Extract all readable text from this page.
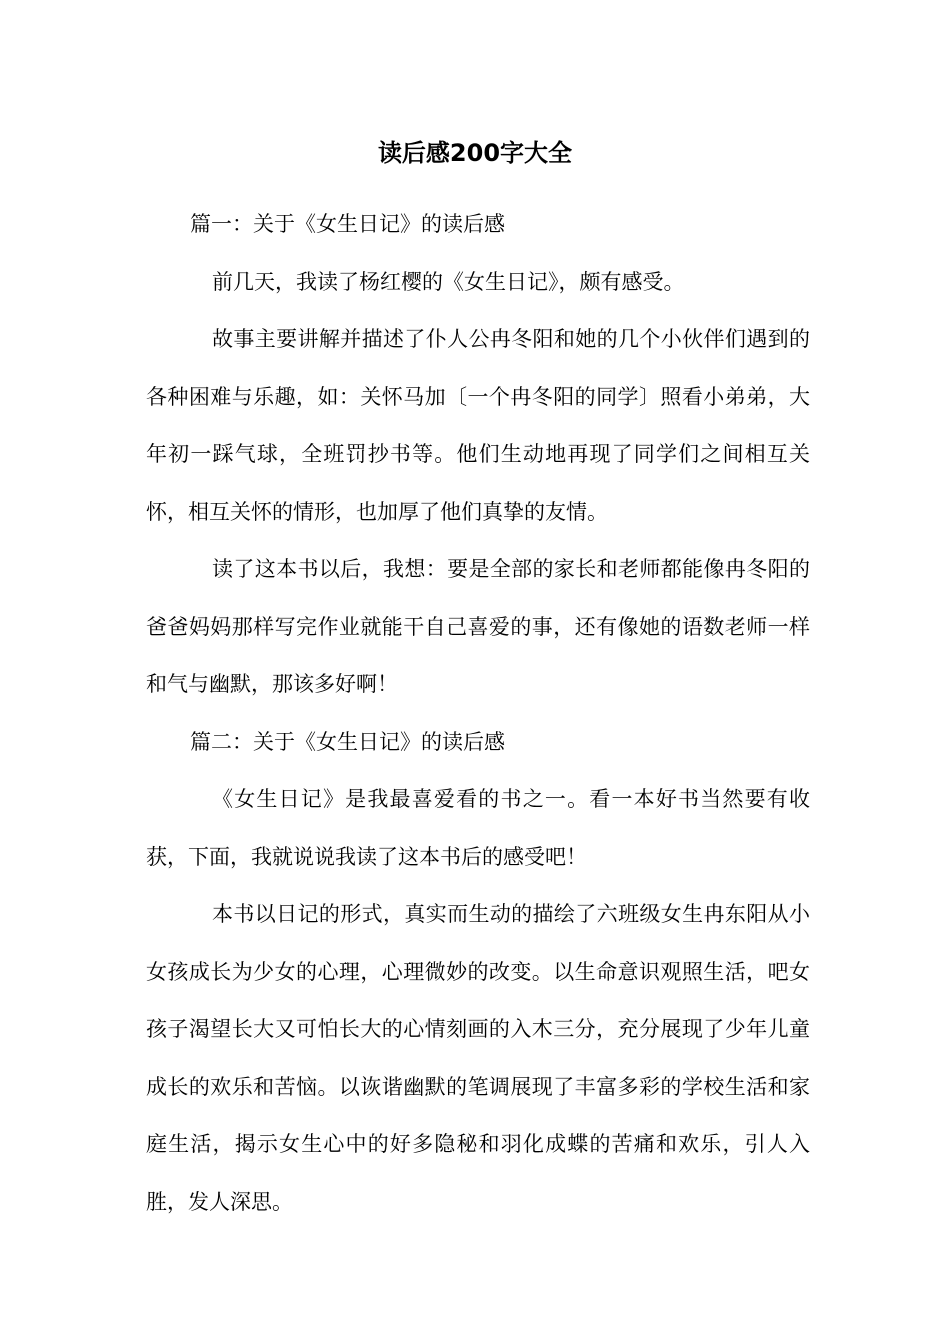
读后感200字大全

篇一：关于《女生日记》的读后感

前几天，我读了杨红樱的《女生日记》，颇有感受。

故事主要讲解并描述了仆人公冉冬阳和她的几个小伙伴们遇到的各种困难与乐趣，如：关怀马加〔一个冉冬阳的同学〕照看小弟弟，大年初一踩气球，全班罚抄书等。他们生动地再现了同学们之间相互关怀，相互关怀的情形，也加厚了他们真挚的友情。

读了这本书以后，我想：要是全部的家长和老师都能像冉冬阳的爸爸妈妈那样写完作业就能干自己喜爱的事，还有像她的语数老师一样和气与幽默，那该多好啊！

篇二：关于《女生日记》的读后感

《女生日记》是我最喜爱看的书之一。看一本好书当然要有收获，下面，我就说说我读了这本书后的感受吧！

本书以日记的形式，真实而生动的描绘了六班级女生冉东阳从小女孩成长为少女的心理，心理微妙的改变。以生命意识观照生活，吧女孩子渴望长大又可怕长大的心情刻画的入木三分，充分展现了少年儿童成长的欢乐和苦恼。以诙谐幽默的笔调展现了丰富多彩的学校生活和家庭生活，揭示女生心中的好多隐秘和羽化成蝶的苦痛和欢乐，引人入胜，发人深思。
